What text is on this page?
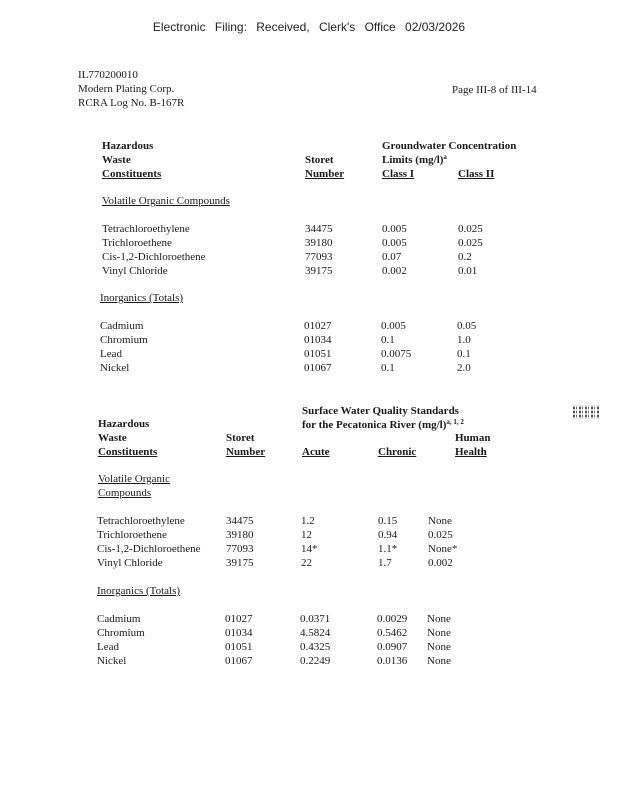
Electronic Filing: Received, Clerk's Office 02/03/2026
IL770200010
Modern Plating Corp.
RCRA Log No. B-167R
Page III-8 of III-14
Hazardous
Waste
Constituents
Storet
Number
Groundwater Concentration
Limits $(mg/l)^a$
Class I	Class II
Volatile Organic Compounds
Tetrachloroethylene	34475	0.005	0.025
Trichloroethene	39180	0.005	0.025
Cis-1,2-Dichloroethene	77093	0.07	0.2
Vinyl Chloride	39175	0.002	0.01
Inorganics (Totals)
Cadmium	01027	0.005	0.05
Chromium	01034	0.1	1.0
Lead	01051	0.0075	0.1
Nickel	01067	0.1	2.0
Surface Water Quality Standards
for the Pecatonica River $(mg/l)^{a, 1, 2}$
Hazardous
Waste
Constituents
Storet
Number	Acute	Chronic
Human
Health
Volatile Organic
Compounds
Tetrachloroethylene	34475	1.2	0.15	None
Trichloroethene	39180	12	0.94	0.025
Cis-1,2-Dichloroethene 77093	14*	1.1*	None*
Vinyl Chloride	39175	22	1.7	0.002
Inorganics (Totals)
Cadmium	01027	0.0371	0.0029 None
Chromium	01034	4.5824	0.5462 None
Lead	01051	0.4325	0.0907 None
Nickel	01067	0.2249	0.0136 None
